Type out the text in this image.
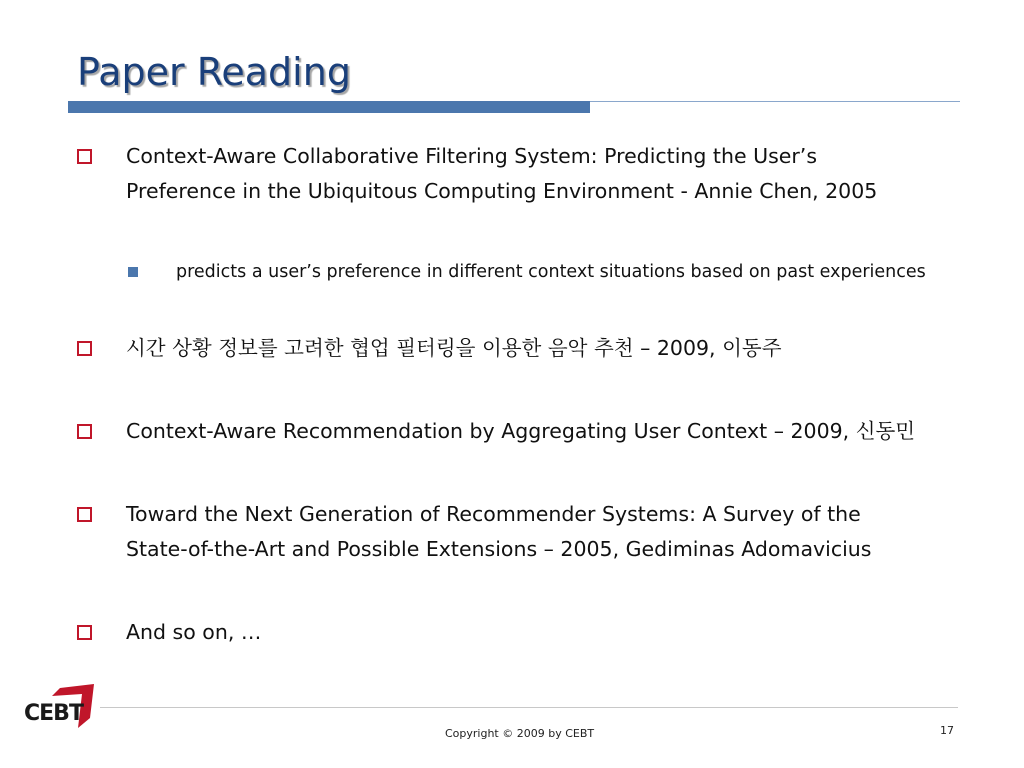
Paper Reading
Context-Aware Collaborative Filtering System: Predicting the User’s Preference in the Ubiquitous Computing Environment - Annie Chen, 2005
predicts a user’s preference in different context situations based on past experiences
시간 상황 정보를 고려한 협업 필터링을 이용한 음악 추천 – 2009, 이동주
Context-Aware Recommendation by Aggregating User Context – 2009, 신동민
Toward the Next Generation of Recommender Systems: A Survey of the State-of-the-Art and Possible Extensions – 2005, Gediminas Adomavicius
And so on, …
CEBT
Copyright © 2009 by CEBT	17
